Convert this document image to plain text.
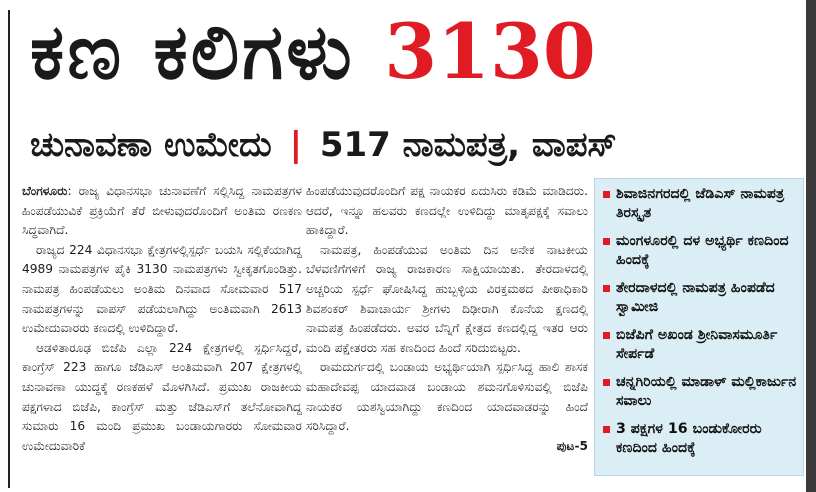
ಕಣ ಕಲಿಗಳು 3130
ಚುನಾವಣಾ ಉಮೇದು | 517 ನಾಮಪತ್ರ, ವಾಪಸ್

ಬೆಂಗಳೂರು: ರಾಜ್ಯ ವಿಧಾನಸಭಾ ಚುನಾವಣೆಗೆ ಸಲ್ಲಿಸಿದ್ದ ನಾಮಪತ್ರಗಳ ಹಿಂಪಡೆಯುವಿಕೆ ಪ್ರಕ್ರಿಯೆಗೆ ತೆರೆ ಬೀಳುವುದರೊಂದಿಗೆ ಅಂತಿಮ ರಣಕಣ ಸಿದ್ಧವಾಗಿದೆ.

ರಾಜ್ಯದ 224 ವಿಧಾನಸಭಾ ಕ್ಷೇತ್ರಗಳಲ್ಲಿಸ್ಪರ್ಧೆ ಬಯಸಿ ಸಲ್ಲಿಕೆಯಾಗಿದ್ದ 4989 ನಾಮಪತ್ರಗಳ ಪೈಕಿ 3130 ನಾಮಪತ್ರಗಳು ಸ್ವೀಕೃತಗೊಂಡಿತ್ತು. ನಾಮಪತ್ರ ಹಿಂಪಡೆಯಲು ಅಂತಿಮ ದಿನವಾದ ಸೋಮವಾರ 517 ನಾಮಪತ್ರಗಳನ್ನು ವಾಪಸ್ ಪಡೆಯಲಾಗಿದ್ದು ಅಂತಿಮವಾಗಿ 2613 ಉಮೇದುವಾರರು ಕಣದಲ್ಲಿ ಉಳಿದಿದ್ದಾರೆ.

ಆಡಳಿತಾರೂಢ ಬಿಜೆಪಿ ಎಲ್ಲಾ 224 ಕ್ಷೇತ್ರಗಳಲ್ಲಿ ಸ್ಪರ್ಧಿಸಿದ್ದರೆ, ಕಾಂಗ್ರೆಸ್ 223 ಹಾಗೂ ಜೆಡಿಎಸ್ ಅಂತಿಮವಾಗಿ 207 ಕ್ಷೇತ್ರಗಳಲ್ಲಿ ಚುನಾವಣಾ ಯುದ್ಧಕ್ಕೆ ರಣಕಹಳೆ ಮೊಳಗಿಸಿದೆ. ಪ್ರಮುಖ ರಾಜಕೀಯ ಪಕ್ಷಗಳಾದ ಬಿಜೆಪಿ, ಕಾಂಗ್ರೆಸ್ ಮತ್ತು ಜೆಡಿಎಸ್‌ಗೆ ತಲೆನೋವಾಗಿದ್ದ ಸುಮಾರು 16 ಮಂದಿ ಪ್ರಮುಖ ಬಂಡಾಯಗಾರರು ಸೋಮವಾರ ಉಮೇದುವಾರಿಕೆ

ಹಿಂಪಡೆಯುವುದರೊಂದಿಗೆ ಪಕ್ಷ ನಾಯಕರ ಏದುಸಿರು ಕಡಿಮೆ ಮಾಡಿದರು. ಆದರೆ, ಇನ್ನೂ ಹಲವರು ಕಣದಲ್ಲೇ ಉಳಿದಿದ್ದು ಮಾತೃಪಕ್ಷಕ್ಕೆ ಸವಾಲು ಹಾಕಿದ್ದಾರೆ.

ನಾಮಪತ್ರ, ಹಿಂಪಡೆಯುವ ಅಂತಿಮ ದಿನ ಅನೇಕ ನಾಟಕೀಯ ಬೆಳವಣಿಗೆಗಳಿಗೆ ರಾಜ್ಯ ರಾಜಕಾರಣ ಸಾಕ್ಷಿಯಾಯಿತು. ತೇರದಾಳದಲ್ಲಿ ಅಚ್ಚರಿಯ ಸ್ಪರ್ಧೆ ಘೋಷಿಸಿದ್ದ ಹುಬ್ಬಳ್ಳಿಯ ವಿರಕ್ತಮಠದ ಪೀಠಾಧಿಕಾರಿ ಶಿವಶಂಕರ್ ಶಿವಾಚಾರ್ಯ ಶ್ರೀಗಳು ದಿಢೀರಾಗಿ ಕೊನೆಯ ಕ್ಷಣದಲ್ಲಿ ನಾಮಪತ್ರ ಹಿಂಪಡೆದರು. ಅವರ ಬೆನ್ನಿಗೆ ಕ್ಷೇತ್ರದ ಕಣದಲ್ಲಿದ್ದ ಇತರ ಆರು ಮಂದಿ ಪಕ್ಷೇತರರು ಸಹ ಕಣದಿಂದ ಹಿಂದೆ ಸರಿದುಬಿಟ್ಟರು.

ರಾಮದುರ್ಗದಲ್ಲಿ ಬಂಡಾಯ ಅಭ್ಯರ್ಥಿಯಾಗಿ ಸ್ಪರ್ಧಿಸಿದ್ದ ಹಾಲಿ ಶಾಸಕ ಮಹಾದೇವಪ್ಪ ಯಾದವಾಡ ಬಂಡಾಯ ಶಮನಗೊಳಿಸುವಲ್ಲಿ ಬಿಜೆಪಿ ನಾಯಕರ ಯಶಸ್ವಿಯಾಗಿದ್ದು ಕಣದಿಂದ ಯಾದವಾಡರನ್ನು ಹಿಂದೆ ಸರಿಸಿದ್ದಾರೆ.

ಪುಟ-5

ಶಿವಾಜಿನಗರದಲ್ಲಿ ಜೆಡಿಎಸ್ ನಾಮಪತ್ರ ತಿರಸ್ಕೃತ
ಮಂಗಳೂರಲ್ಲಿ ದಳ ಅಭ್ಯರ್ಥಿ ಕಣದಿಂದ ಹಿಂದಕ್ಕೆ
ತೇರದಾಳದಲ್ಲಿ ನಾಮಪತ್ರ ಹಿಂಪಡೆದ ಸ್ವಾಮೀಜಿ
ಬಿಜೆಪಿಗೆ ಅಖಂಡ ಶ್ರೀನಿವಾಸಮೂರ್ತಿ ಸೇರ್ಪಡೆ
ಚನ್ನಗಿರಿಯಲ್ಲಿ ಮಾಡಾಳ್ ಮಲ್ಲಿಕಾರ್ಜುನ ಸವಾಲು
3 ಪಕ್ಷಗಳ 16 ಬಂಡುಕೋರರು ಕಣದಿಂದ ಹಿಂದಕ್ಕೆ
